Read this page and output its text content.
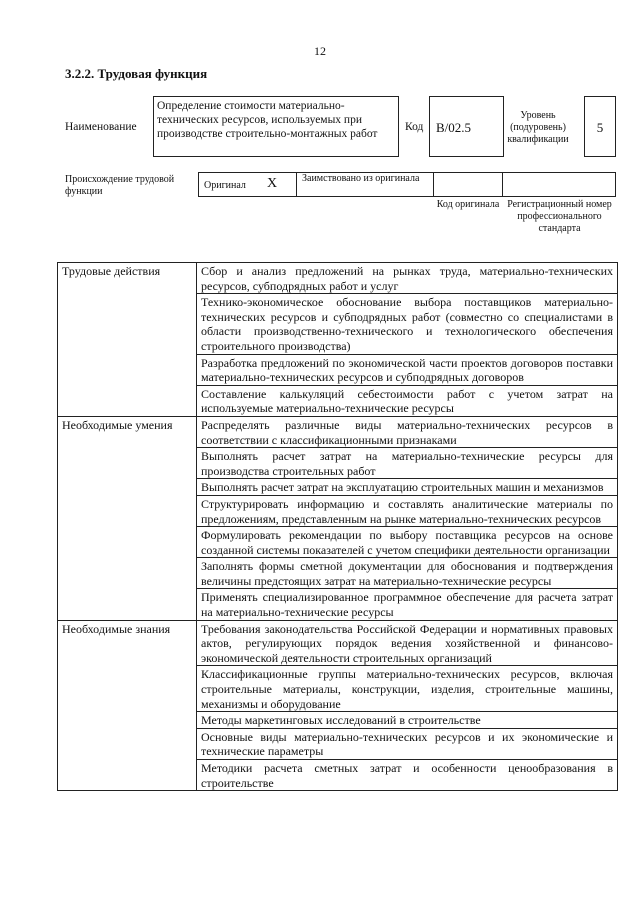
12
3.2.2. Трудовая функция
Наименование
Определение стоимости материально-технических ресурсов, используемых при производстве строительно-монтажных работ
Код B/02.5
Уровень (подуровень) квалификации
5
Происхождение трудовой функции
Оригинал X Заимствовано из оригинала
Код оригинала Регистрационный номер профессионального стандарта
Трудовые действия	Сбор и анализ предложений на рынках труда, материально-технических ресурсов, субподрядных работ и услуг
	Технико-экономическое обоснование выбора поставщиков материально-технических ресурсов и субподрядных работ (совместно со специалистами в области производственно-технического и технологического обеспечения строительного производства)
	Разработка предложений по экономической части проектов договоров поставки материально-технических ресурсов и субподрядных договоров
	Составление калькуляций себестоимости работ с учетом затрат на используемые материально-технические ресурсы
Необходимые умения	Распределять различные виды материально-технических ресурсов в соответствии с классификационными признаками
	Выполнять расчет затрат на материально-технические ресурсы для производства строительных работ
	Выполнять расчет затрат на эксплуатацию строительных машин и механизмов
	Структурировать информацию и составлять аналитические материалы по предложениям, представленным на рынке материально-технических ресурсов
	Формулировать рекомендации по выбору поставщика ресурсов на основе созданной системы показателей с учетом специфики деятельности организации
	Заполнять формы сметной документации для обоснования и подтверждения величины предстоящих затрат на материально-технические ресурсы
	Применять специализированное программное обеспечение для расчета затрат на материально-технические ресурсы
Необходимые знания	Требования законодательства Российской Федерации и нормативных правовых актов, регулирующих порядок ведения хозяйственной и финансово-экономической деятельности строительных организаций
	Классификационные группы материально-технических ресурсов, включая строительные материалы, конструкции, изделия, строительные машины, механизмы и оборудование
	Методы маркетинговых исследований в строительстве
	Основные виды материально-технических ресурсов и их экономические и технические параметры
	Методики расчета сметных затрат и особенности ценообразования в строительстве
